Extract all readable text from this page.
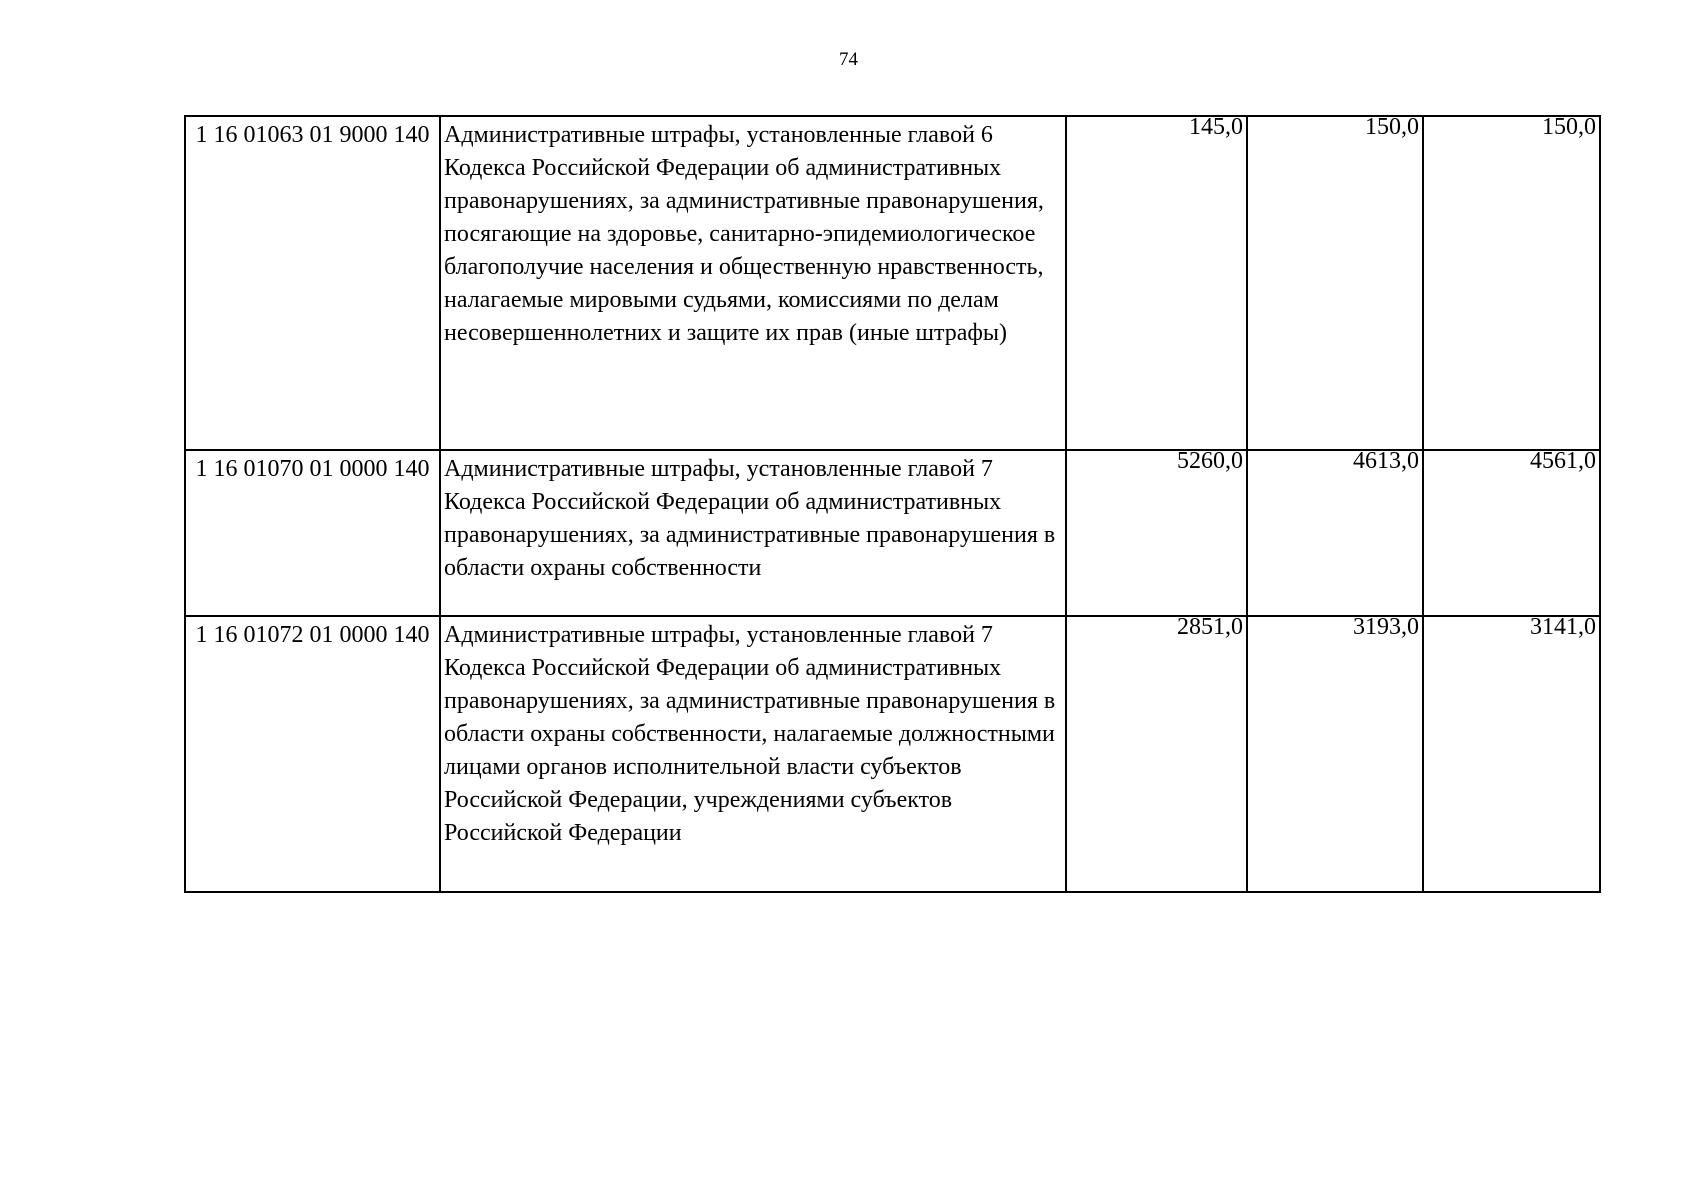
74
1 16 01063 01 9000 140	Административные штрафы, установленные главой 6 Кодекса Российской Федерации об административных правонарушениях, за административные правонарушения, посягающие на здоровье, санитарно-эпидемиологическое благополучие населения и общественную нравственность, налагаемые мировыми судьями, комиссиями по делам несовершеннолетних и защите их прав (иные штрафы)	145,0	150,0	150,0
1 16 01070 01 0000 140	Административные штрафы, установленные главой 7 Кодекса Российской Федерации об административных правонарушениях, за административные правонарушения в области охраны собственности	5260,0	4613,0	4561,0
1 16 01072 01 0000 140	Административные штрафы, установленные главой 7 Кодекса Российской Федерации об административных правонарушениях, за административные правонарушения в области охраны собственности, налагаемые должностными лицами органов исполнительной власти субъектов Российской Федерации, учреждениями субъектов Российской Федерации	2851,0	3193,0	3141,0
